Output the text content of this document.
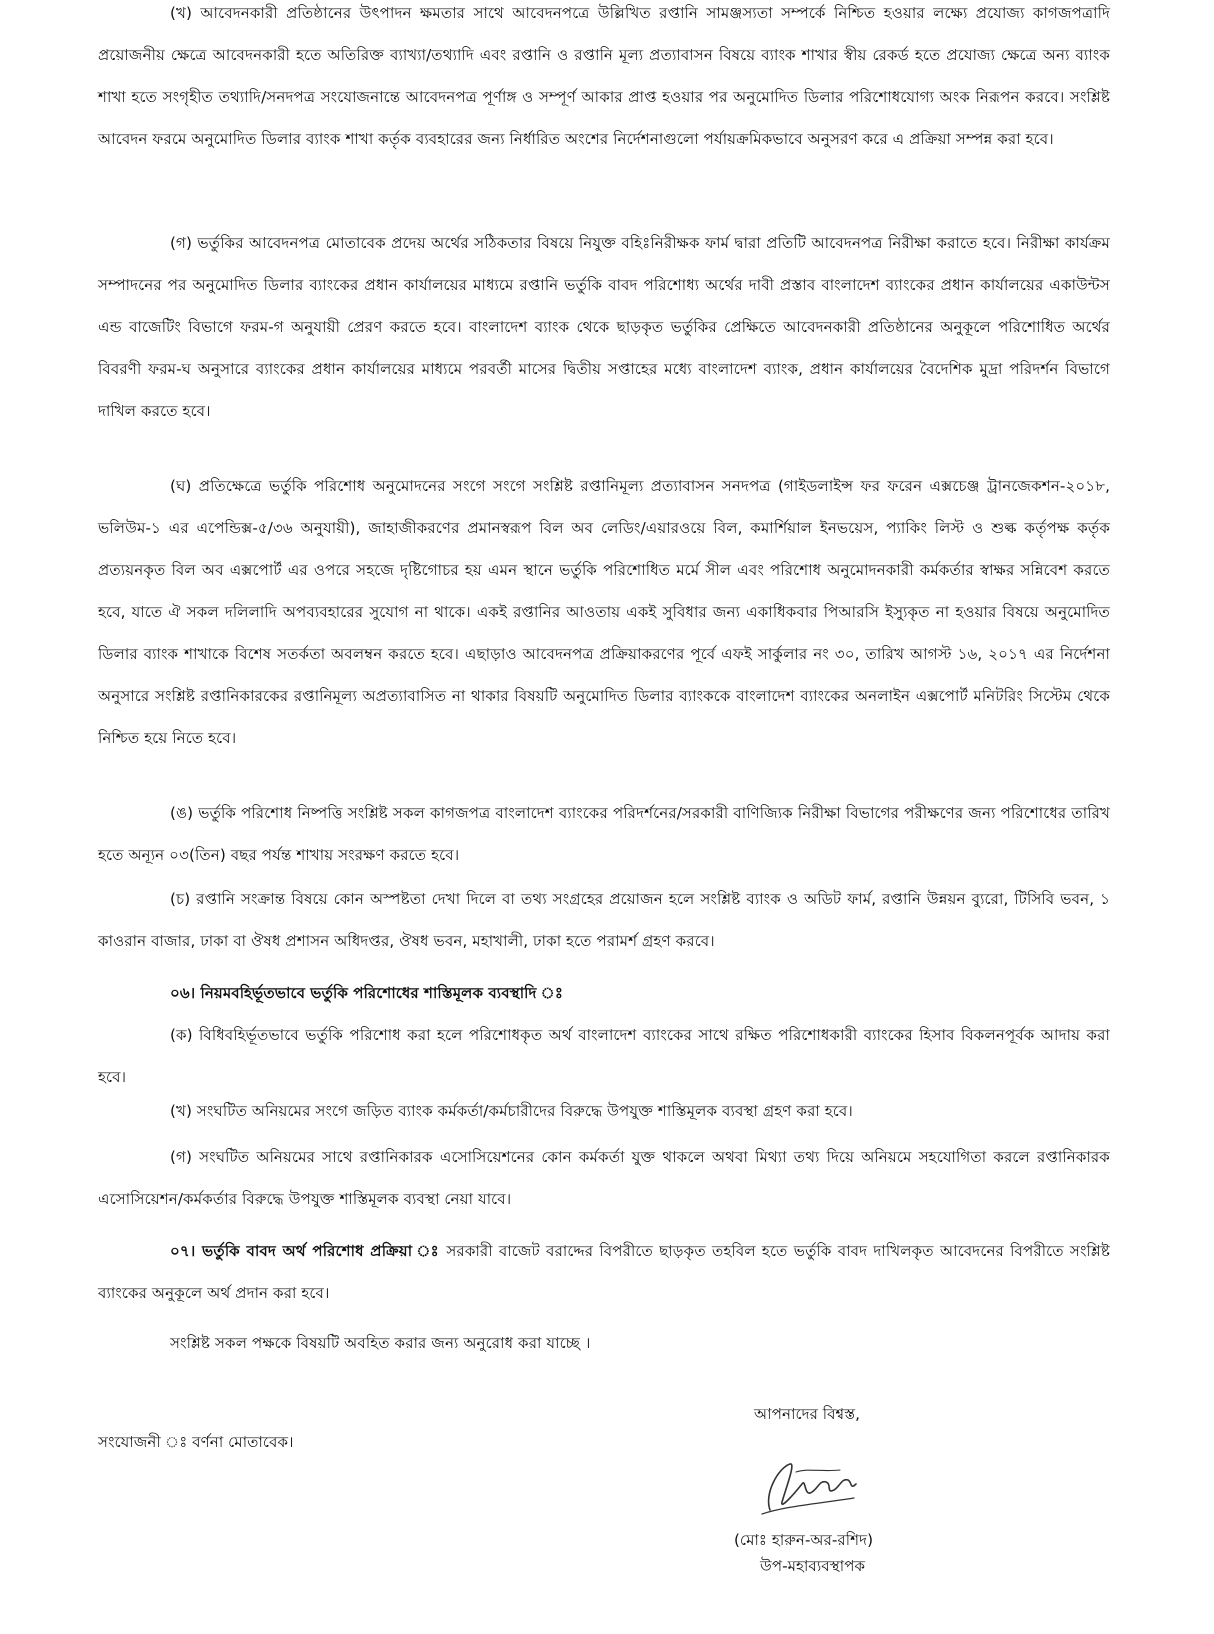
(খ) আবেদনকারী প্রতিষ্ঠানের উৎপাদন ক্ষমতার সাথে আবেদনপত্রে উল্লিখিত রপ্তানি সামঞ্জস্যতা সম্পর্কে নিশ্চিত হওয়ার লক্ষ্যে প্রযোজ্য কাগজপত্রাদি প্রয়োজনীয় ক্ষেত্রে আবেদনকারী হতে অতিরিক্ত ব্যাখ্যা/তথ্যাদি এবং রপ্তানি ও রপ্তানি মূল্য প্রত্যাবাসন বিষয়ে ব্যাংক শাখার স্বীয় রেকর্ড হতে প্রযোজ্য ক্ষেত্রে অন্য ব্যাংক শাখা হতে সংগৃহীত তথ্যাদি/সনদপত্র সংযোজনান্তে আবেদনপত্র পূর্ণাঙ্গ ও সম্পূর্ণ আকার প্রাপ্ত হওয়ার পর অনুমোদিত ডিলার পরিশোধযোগ্য অংক নিরূপন করবে। সংশ্লিষ্ট আবেদন ফরমে অনুমোদিত ডিলার ব্যাংক শাখা কর্তৃক ব্যবহারের জন্য নির্ধারিত অংশের নির্দেশনাগুলো পর্যায়ক্রমিকভাবে অনুসরণ করে এ প্রক্রিয়া সম্পন্ন করা হবে।

(গ) ভর্তুকির আবেদনপত্র মোতাবেক প্রদেয় অর্থের সঠিকতার বিষয়ে নিযুক্ত বহিঃনিরীক্ষক ফার্ম দ্বারা প্রতিটি আবেদনপত্র নিরীক্ষা করাতে হবে। নিরীক্ষা কার্যক্রম সম্পাদনের পর অনুমোদিত ডিলার ব্যাংকের প্রধান কার্যালয়ের মাধ্যমে রপ্তানি ভর্তুকি বাবদ পরিশোধ্য অর্থের দাবী প্রস্তাব বাংলাদেশ ব্যাংকের প্রধান কার্যালয়ের একাউন্টস এন্ড বাজেটিং বিভাগে ফরম-গ অনুযায়ী প্রেরণ করতে হবে। বাংলাদেশ ব্যাংক থেকে ছাড়কৃত ভর্তুকির প্রেক্ষিতে আবেদনকারী প্রতিষ্ঠানের অনুকূলে পরিশোধিত অর্থের বিবরণী ফরম-ঘ অনুসারে ব্যাংকের প্রধান কার্যালয়ের মাধ্যমে পরবর্তী মাসের দ্বিতীয় সপ্তাহের মধ্যে বাংলাদেশ ব্যাংক, প্রধান কার্যালয়ের বৈদেশিক মুদ্রা পরিদর্শন বিভাগে দাখিল করতে হবে।

(ঘ) প্রতিক্ষেত্রে ভর্তুকি পরিশোধ অনুমোদনের সংগে সংগে সংশ্লিষ্ট রপ্তানিমূল্য প্রত্যাবাসন সনদপত্র (গাইডলাইন্স ফর ফরেন এক্সচেঞ্জ ট্রানজেকশন-২০১৮, ভলিউম-১ এর এপেন্ডিক্স-৫/৩৬ অনুযায়ী), জাহাজীকরণের প্রমানস্বরূপ বিল অব লেডিং/এয়ারওয়ে বিল, কমার্শিয়াল ইনভয়েস, প্যাকিং লিস্ট ও শুল্ক কর্তৃপক্ষ কর্তৃক প্রত্যয়নকৃত বিল অব এক্সপোর্ট এর ওপরে সহজে দৃষ্টিগোচর হয় এমন স্থানে ভর্তুকি পরিশোধিত মর্মে সীল এবং পরিশোধ অনুমোদনকারী কর্মকর্তার স্বাক্ষর সন্নিবেশ করতে হবে, যাতে ঐ সকল দলিলাদি অপব্যবহারের সুযোগ না থাকে। একই রপ্তানির আওতায় একই সুবিধার জন্য একাধিকবার পিআরসি ইস্যুকৃত না হওয়ার বিষয়ে অনুমোদিত ডিলার ব্যাংক শাখাকে বিশেষ সতর্কতা অবলম্বন করতে হবে। এছাড়াও আবেদনপত্র প্রক্রিয়াকরণের পূর্বে এফই সার্কুলার নং ৩০, তারিখ আগস্ট ১৬, ২০১৭ এর নির্দেশনা অনুসারে সংশ্লিষ্ট রপ্তানিকারকের রপ্তানিমূল্য অপ্রত্যাবাসিত না থাকার বিষয়টি অনুমোদিত ডিলার ব্যাংককে বাংলাদেশ ব্যাংকের অনলাইন এক্সপোর্ট মনিটরিং সিস্টেম থেকে নিশ্চিত হয়ে নিতে হবে।

(ঙ) ভর্তুকি পরিশোধ নিষ্পত্তি সংশ্লিষ্ট সকল কাগজপত্র বাংলাদেশ ব্যাংকের পরিদর্শনের/সরকারী বাণিজ্যিক নিরীক্ষা বিভাগের পরীক্ষণের জন্য পরিশোধের তারিখ হতে অন্যূন ০৩(তিন) বছর পর্যন্ত শাখায় সংরক্ষণ করতে হবে।

(চ) রপ্তানি সংক্রান্ত বিষয়ে কোন অস্পষ্টতা দেখা দিলে বা তথ্য সংগ্রহের প্রয়োজন হলে সংশ্লিষ্ট ব্যাংক ও অডিট ফার্ম, রপ্তানি উন্নয়ন ব্যুরো, টিসিবি ভবন, ১ কাওরান বাজার, ঢাকা বা ঔষধ প্রশাসন অধিদপ্তর, ঔষধ ভবন, মহাখালী, ঢাকা হতে পরামর্শ গ্রহণ করবে।

০৬। নিয়মবহির্ভূতভাবে ভর্তুকি পরিশোধের শাস্তিমূলক ব্যবস্থাদি ঃ

(ক) বিধিবহির্ভূতভাবে ভর্তুকি পরিশোধ করা হলে পরিশোধকৃত অর্থ বাংলাদেশ ব্যাংকের সাথে রক্ষিত পরিশোধকারী ব্যাংকের হিসাব বিকলনপূর্বক আদায় করা হবে।

(খ) সংঘটিত অনিয়মের সংগে জড়িত ব্যাংক কর্মকর্তা/কর্মচারীদের বিরুদ্ধে উপযুক্ত শাস্তিমূলক ব্যবস্থা গ্রহণ করা হবে।

(গ) সংঘটিত অনিয়মের সাথে রপ্তানিকারক এসোসিয়েশনের কোন কর্মকর্তা যুক্ত থাকলে অথবা মিথ্যা তথ্য দিয়ে অনিয়মে সহযোগিতা করলে রপ্তানিকারক এসোসিয়েশন/কর্মকর্তার বিরুদ্ধে উপযুক্ত শাস্তিমূলক ব্যবস্থা নেয়া যাবে।

০৭। ভর্তুকি বাবদ অর্থ পরিশোধ প্রক্রিয়া ঃ সরকারী বাজেট বরাদ্দের বিপরীতে ছাড়কৃত তহবিল হতে ভর্তুকি বাবদ দাখিলকৃত আবেদনের বিপরীতে সংশ্লিষ্ট ব্যাংকের অনুকূলে অর্থ প্রদান করা হবে।

সংশ্লিষ্ট সকল পক্ষকে বিষয়টি অবহিত করার জন্য অনুরোধ করা যাচ্ছে ।

আপনাদের বিশ্বস্ত,

সংযোজনী ঃ বর্ণনা মোতাবেক।

(মোঃ হারুন-অর-রশিদ)

উপ-মহাব্যবস্থাপক
